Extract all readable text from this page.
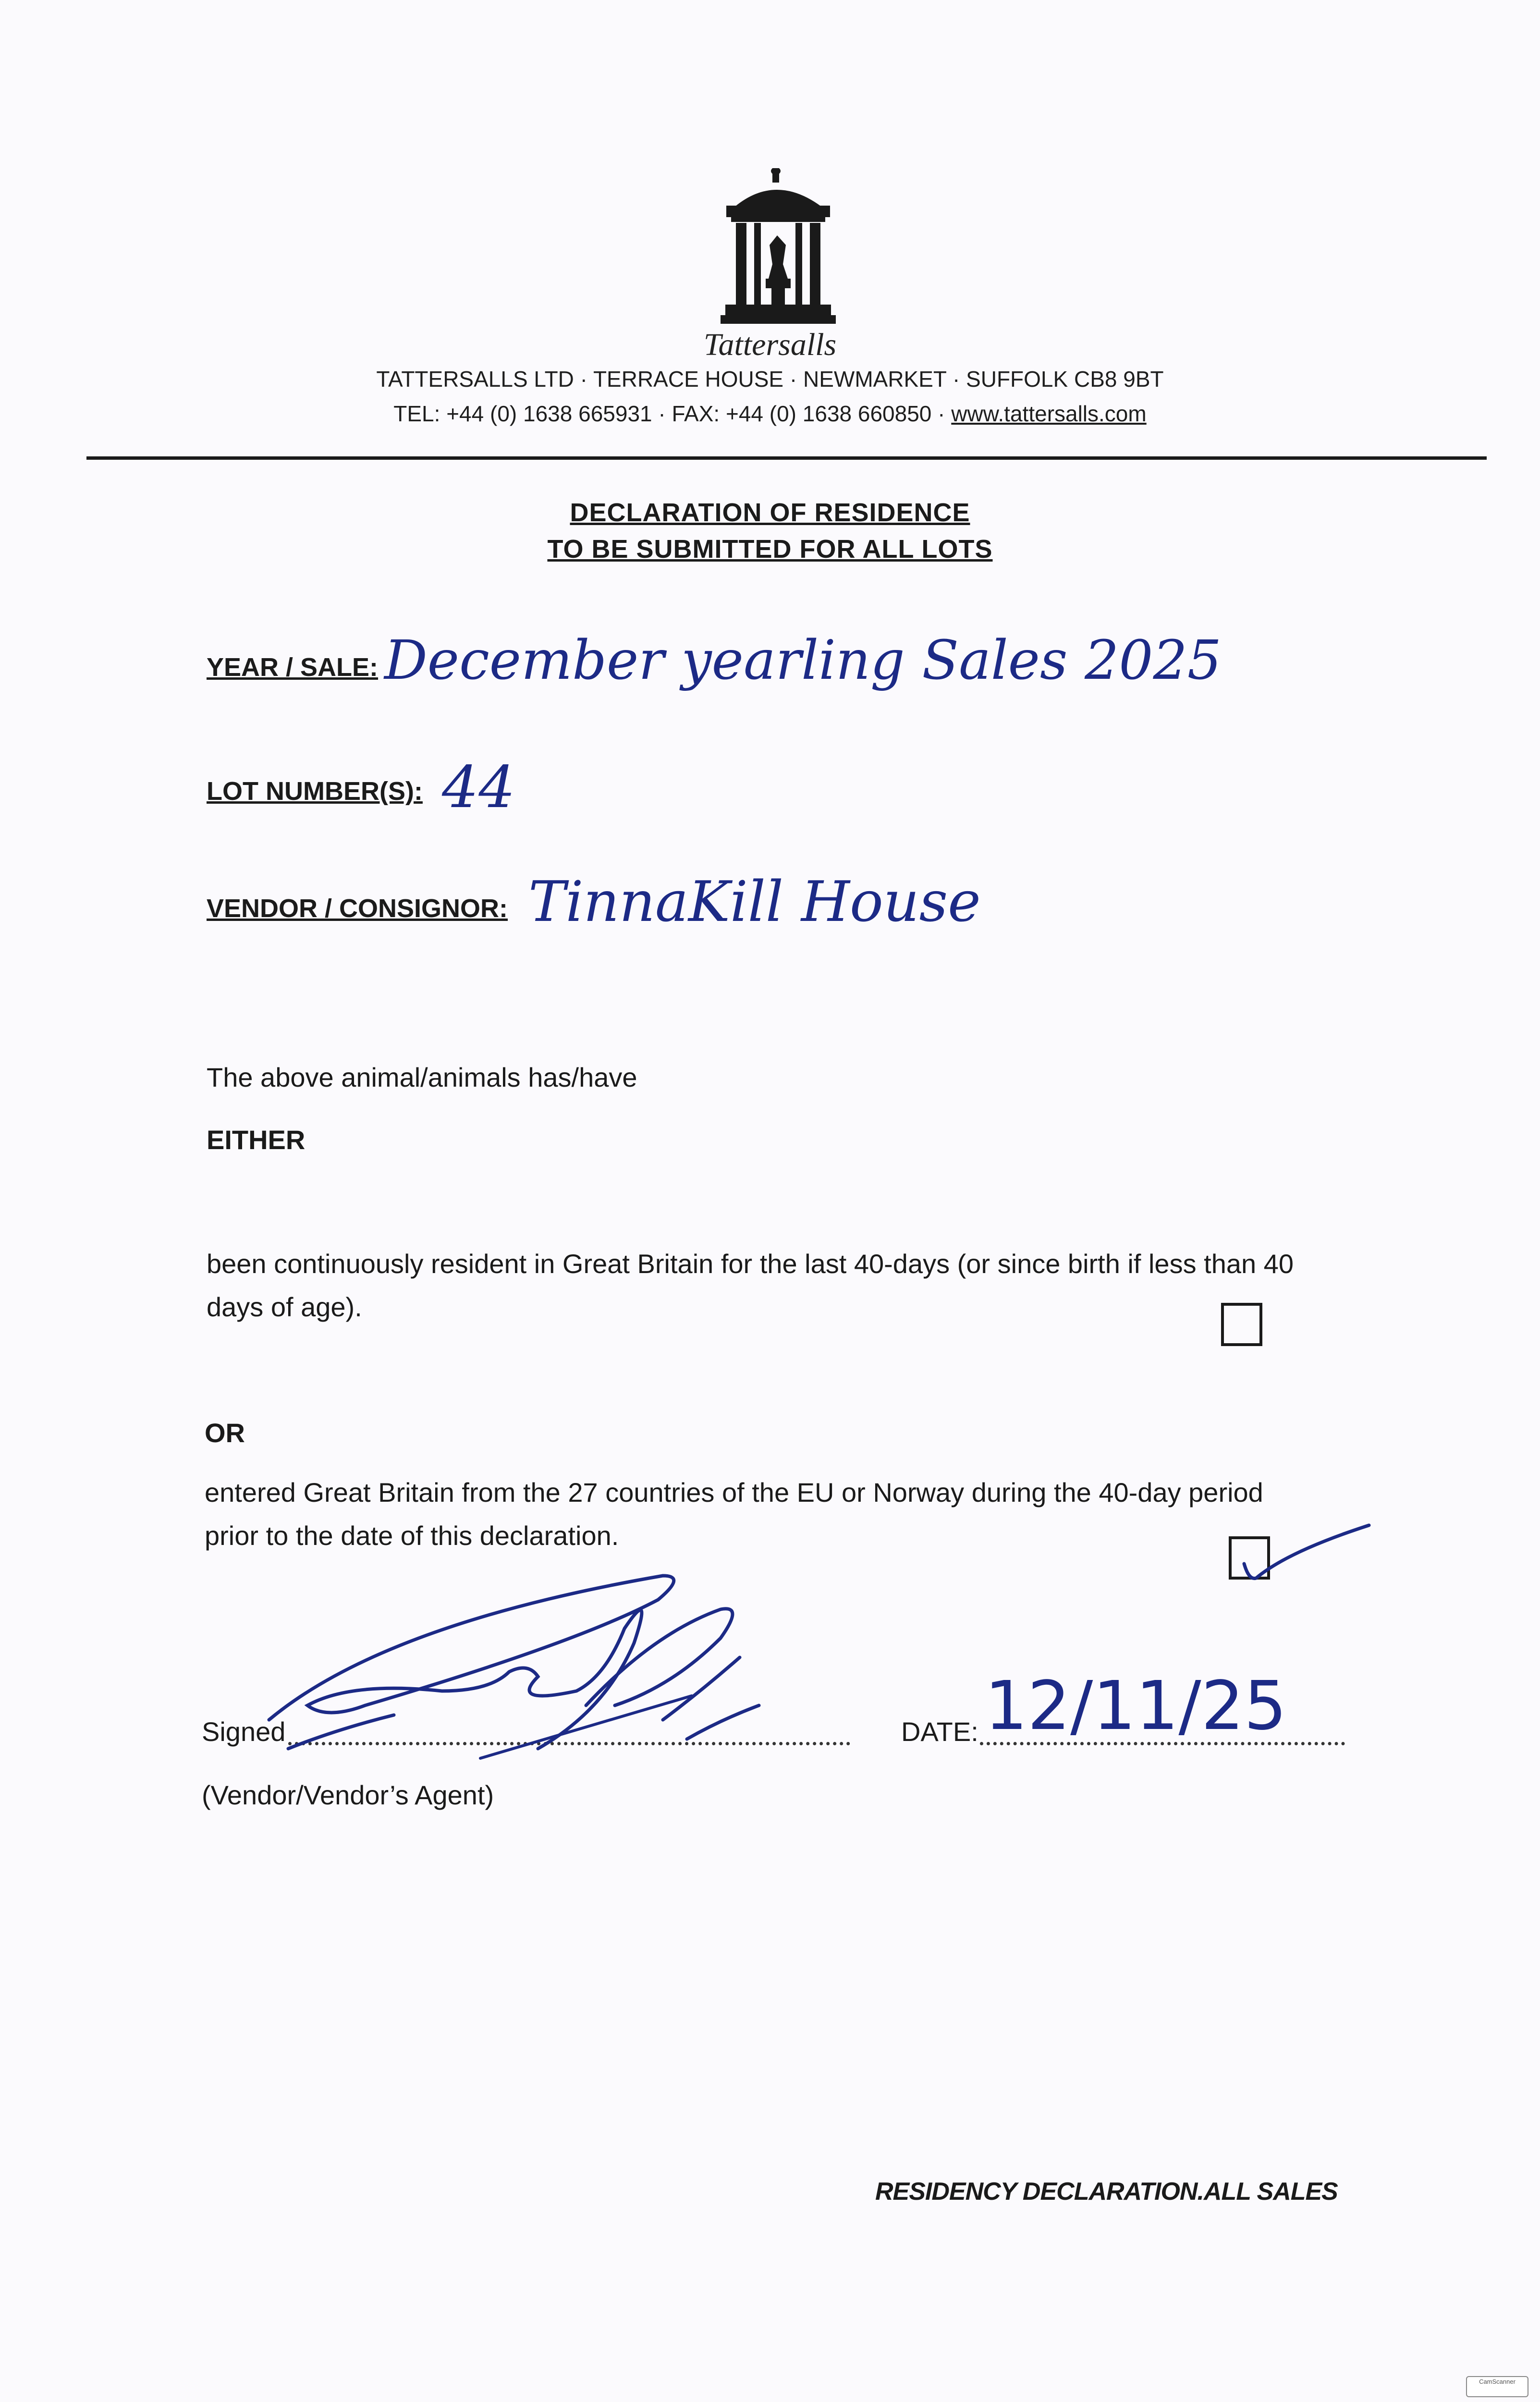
Tattersalls
TATTERSALLS LTD · TERRACE HOUSE · NEWMARKET · SUFFOLK CB8 9BT
TEL: +44 (0) 1638 665931 · FAX: +44 (0) 1638 660850 · www.tattersalls.com
DECLARATION OF RESIDENCE
TO BE SUBMITTED FOR ALL LOTS
YEAR / SALE: December yearling Sales 2025
LOT NUMBER(S): 44
VENDOR / CONSIGNOR: TinnaKill House
The above animal/animals has/have
EITHER
been continuously resident in Great Britain for the last 40-days (or since birth if less than 40
days of age).
OR
entered Great Britain from the 27 countries of the EU or Norway during the 40-day period
prior to the date of this declaration.
Signed	DATE: 12/11/25
(Vendor/Vendor’s Agent)
RESIDENCY DECLARATION.ALL SALES
CamScanner
